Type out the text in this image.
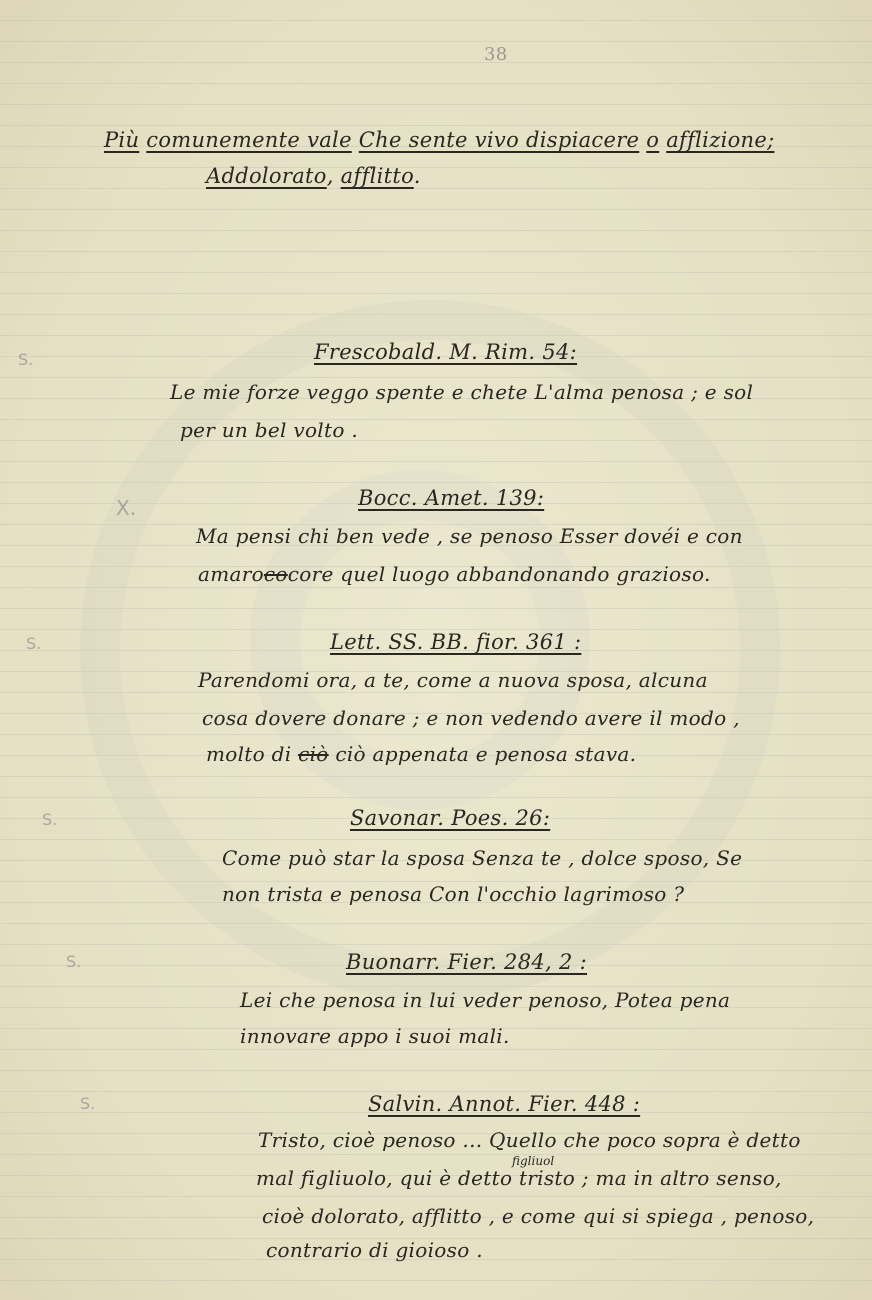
38
Più comunemente vale Che sente vivo dispiacere o afflizione;
Addolorato, afflitto.
S.
X.
S.
S.
S.
S.
Frescobald. M. Rim. 54:
Le mie forze veggo spente e chete L'alma penosa ; e sol
per un bel volto .
Bocc. Amet. 139:
Ma pensi chi ben vede , se penoso Esser dovéi e con
amarococore quel luogo abbandonando grazioso.
Lett. SS. BB. fior. 361 :
Parendomi ora, a te, come a nuova sposa, alcuna
cosa dovere donare ; e non vedendo avere il modo ,
molto di ciò ciò appenata e penosa stava.
Savonar. Poes. 26:
Come può star la sposa Senza te , dolce sposo, Se
non trista e penosa Con l'occhio lagrimoso ?
Buonarr. Fier. 284, 2 :
Lei che penosa in lui veder penoso, Potea pena
innovare appo i suoi mali.
Salvin. Annot. Fier. 448 :
Tristo, cioè penoso ... Quello che poco sopra è detto
mal figliuolo, qui è detto tristo ; ma in altro senso,
figliuol
cioè dolorato, afflitto , e come qui si spiega , penoso,
contrario di gioioso .
